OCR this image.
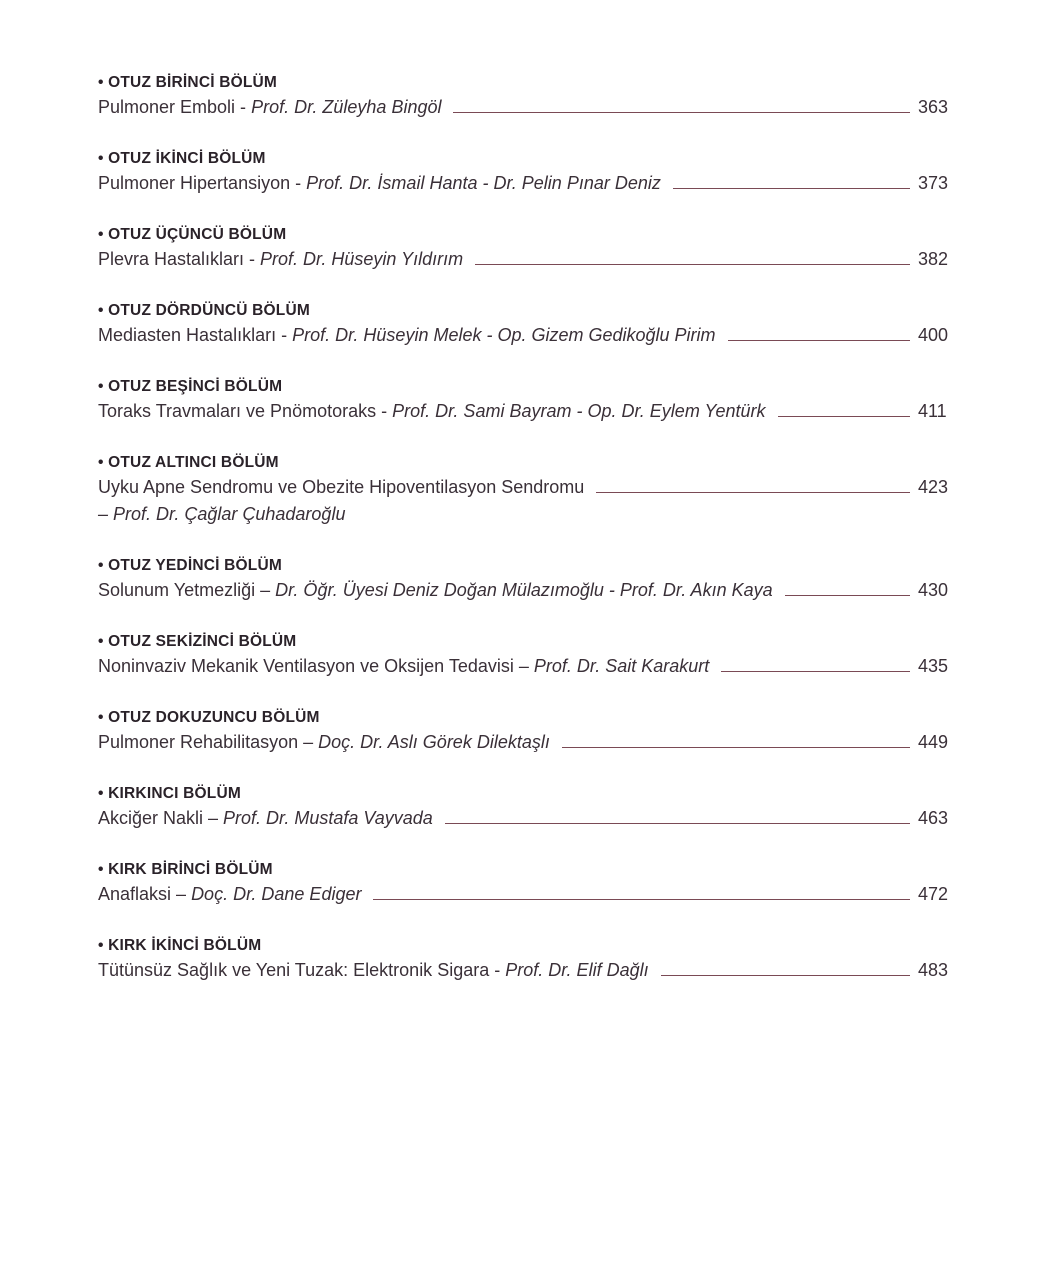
• OTUZ BİRİNCİ BÖLÜM
Pulmoner Emboli - Prof. Dr. Züleyha Bingöl	363
• OTUZ İKİNCİ BÖLÜM
Pulmoner Hipertansiyon - Prof. Dr. İsmail Hanta - Dr. Pelin Pınar Deniz	373
• OTUZ ÜÇÜNCÜ BÖLÜM
Plevra Hastalıkları - Prof. Dr. Hüseyin Yıldırım	382
• OTUZ DÖRDÜNCÜ BÖLÜM
Mediasten Hastalıkları - Prof. Dr. Hüseyin Melek - Op. Gizem Gedikoğlu Pirim	400
• OTUZ BEŞİNCİ BÖLÜM
Toraks Travmaları ve Pnömotoraks - Prof. Dr. Sami Bayram - Op. Dr. Eylem Yentürk	411
• OTUZ ALTINCI BÖLÜM
Uyku Apne Sendromu ve Obezite Hipoventilasyon Sendromu	423
– Prof. Dr. Çağlar Çuhadaroğlu
• OTUZ YEDİNCİ BÖLÜM
Solunum Yetmezliği – Dr. Öğr. Üyesi Deniz Doğan Mülazımoğlu - Prof. Dr. Akın Kaya	430
• OTUZ SEKİZİNCİ BÖLÜM
Noninvaziv Mekanik Ventilasyon ve Oksijen Tedavisi – Prof. Dr. Sait Karakurt	435
• OTUZ DOKUZUNCU BÖLÜM
Pulmoner Rehabilitasyon – Doç. Dr. Aslı Görek Dilektaşlı	449
• KIRKINCI BÖLÜM
Akciğer Nakli – Prof. Dr. Mustafa Vayvada	463
• KIRK BİRİNCİ BÖLÜM
Anaflaksi – Doç. Dr. Dane Ediger	472
• KIRK İKİNCİ BÖLÜM
Tütünsüz Sağlık ve Yeni Tuzak: Elektronik Sigara - Prof. Dr. Elif Dağlı	483
